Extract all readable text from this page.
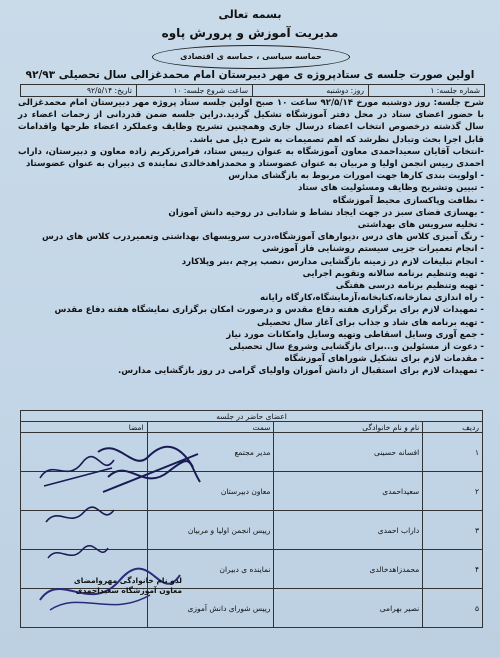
بسمه تعالی
مدیریت آموزش و پرورش پاوه
حماسه سیاسی ، حماسه ی اقتصادی
اولین صورت جلسه ی ستادپروژه ی مهر دبیرستان امام محمدغزالی سال تحصیلی ۹۲/۹۳
شماره جلسه: ۱
روز: دوشنبه
ساعت شروع جلسه: ۱۰
تاریخ: ۹۲/۵/۱۴

شرح جلسه: روز دوشنبه مورخ ۹۲/۵/۱۴ ساعت ۱۰ صبح اولین جلسه ستاد پروژه مهر دبیرستان امام محمدغزالی با حضور اعضای ستاد در محل دفتر آموزشگاه تشکیل گردید.دراین جلسه ضمن قدردانی از زحمات اعضاء در سال گذشته درخصوص انتخاب اعضاء درسال جاری وهمچنین تشریح وظایف وعملکرد اعضاء طرحها واقدامات قابل اجرا بحث وتبادل نظرشد که اهم تصمیمات به شرح ذیل می باشد.

-انتخاب آقایان سعیداحمدی معاون آموزشگاه به عنوان رییس ستاد، فرامرزکریم زاده معاون و دبیرستان، داراب احمدی رییس انجمن اولیا و مربیان به عنوان عضوستاد و محمدزاهدخالدی نماینده ی دبیران به عنوان عضوستاد

- اولویت بندی کارها جهت امورات مربوط به بازگشای مدارس
- تبیین وتشریح وظایف ومسئولیت های ستاد
- نظافت وپاکسازی محیط آموزشگاه
- بهسازی فضای سبز در جهت ایجاد نشاط و شادابی در روحیه دانش آموزان
- تخلیه سرویس های بهداشتی
- رنگ آمیزی کلاس های درس ،دیوارهای آموزشگاه،درب سرویسهای بهداشتی وتعمیردرب کلاس های درس
- انجام تعمیرات جزیی سیستم روشنایی فاز آموزشی
- انجام تبلیغات لازم در زمینه بازگشایی مدارس ،نصب پرچم ،بنر وپلاکارد
- تهیه وتنظیم برنامه سالانه وتقویم اجرایی
- تهیه وتنظیم برنامه درسی هفتگی
- راه اندازی نمازخانه،کتابخانه،آزمایشگاه،کارگاه رایانه
- تمهیدات لازم برای برگزاری هفته دفاع مقدس و درصورت امکان برگزاری نمایشگاه هفته دفاع مقدس
- تهیه برنامه های شاد و جذاب برای آغاز سال تحصیلی
- جمع آوری وسایل اسقاطی وتهیه وسایل وامکانات مورد نیاز
- دعوت از مسئولین و...برای بازگشایی وشروع سال تحصیلی
- مقدمات لازم برای تشکیل شوراهای آموزشگاه
- تمهیدات لازم برای استقبال از دانش آموزان واولیای گرامی در روز بازگشایی مدارس.
اعضای حاضر در جلسه			
ردیف	نام و نام خانوادگی	سمت	امضا
۱	افسانه حسینی	مدیر مجتمع	
۲	سعیداحمدی	معاون دبیرستان	
۳	داراب احمدی	رییس انجمن اولیا و مربیان	
۴	محمدزاهدخالدی	نماینده ی دبیران	
۵	نصیر بهرامی	رییس شورای دانش آموزی	
لذو نام خانوادگی مهروامضای
معاون آموزشگاه سعیداحمدی
